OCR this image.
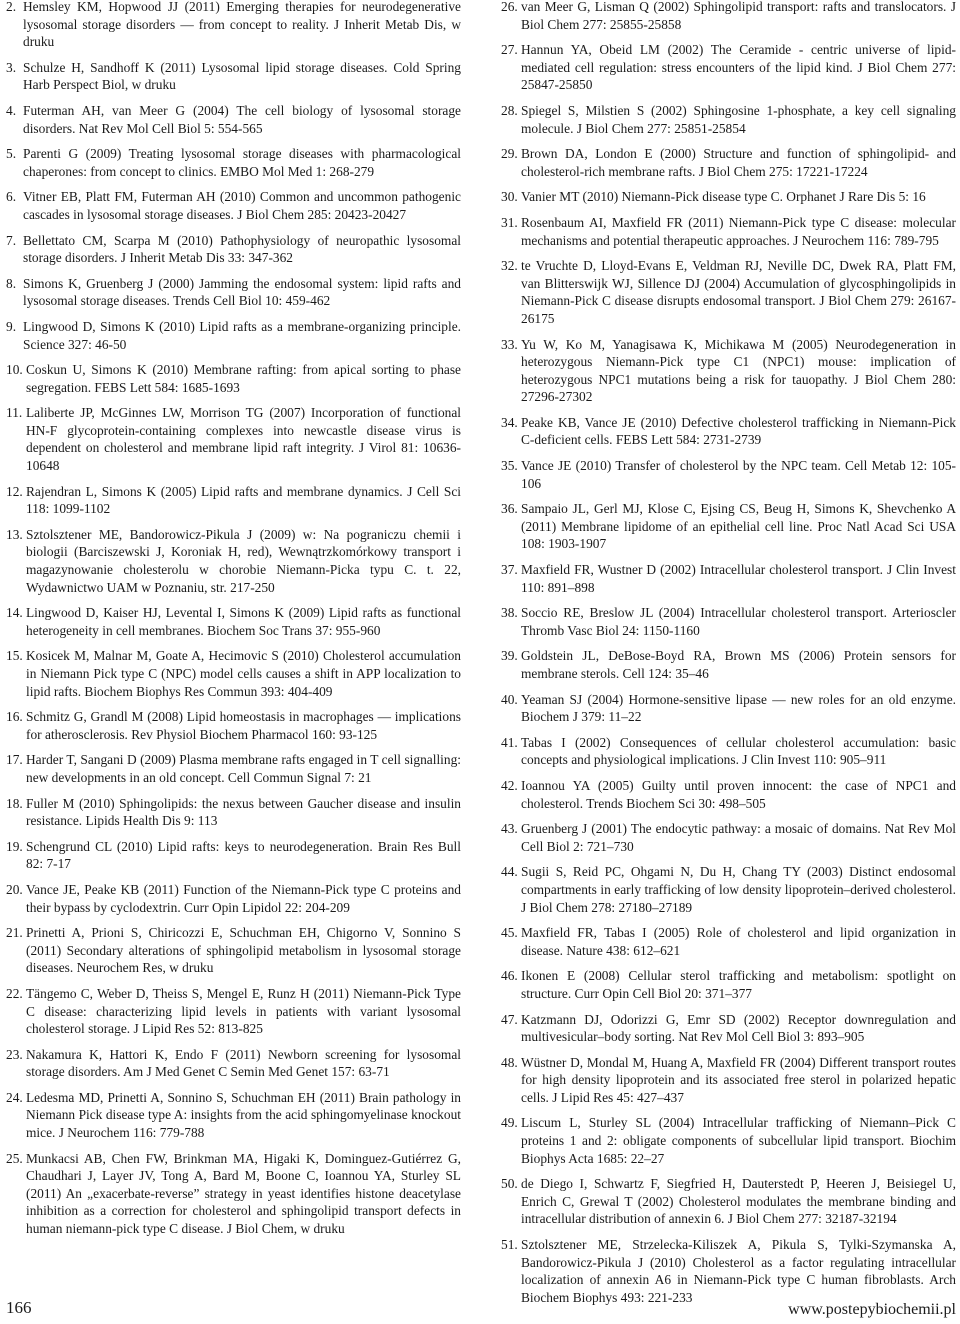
2. Hemsley KM, Hopwood JJ (2011) Emerging therapies for neurodegenerative lysosomal storage disorders — from concept to reality. J Inherit Metab Dis, w druku
3. Schulze H, Sandhoff K (2011) Lysosomal lipid storage diseases. Cold Spring Harb Perspect Biol, w druku
4. Futerman AH, van Meer G (2004) The cell biology of lysosomal storage disorders. Nat Rev Mol Cell Biol 5: 554-565
5. Parenti G (2009) Treating lysosomal storage diseases with pharmacological chaperones: from concept to clinics. EMBO Mol Med 1: 268-279
6. Vitner EB, Platt FM, Futerman AH (2010) Common and uncommon pathogenic cascades in lysosomal storage diseases. J Biol Chem 285: 20423-20427
7. Bellettato CM, Scarpa M (2010) Pathophysiology of neuropathic lysosomal storage disorders. J Inherit Metab Dis 33: 347-362
8. Simons K, Gruenberg J (2000) Jamming the endosomal system: lipid rafts and lysosomal storage diseases. Trends Cell Biol 10: 459-462
9. Lingwood D, Simons K (2010) Lipid rafts as a membrane-organizing principle. Science 327: 46-50
10. Coskun U, Simons K (2010) Membrane rafting: from apical sorting to phase segregation. FEBS Lett 584: 1685-1693
11. Laliberte JP, McGinnes LW, Morrison TG (2007) Incorporation of functional HN-F glycoprotein-containing complexes into newcastle disease virus is dependent on cholesterol and membrane lipid raft integrity. J Virol 81: 10636-10648
12. Rajendran L, Simons K (2005) Lipid rafts and membrane dynamics. J Cell Sci 118: 1099-1102
13. Sztolsztener ME, Bandorowicz-Pikula J (2009) w: Na pograniczu chemii i biologii (Barciszewski J, Koroniak H, red), Wewnątrzkomórkowy transport i magazynowanie cholesterolu w chorobie Niemann-Picka typu C. t. 22, Wydawnictwo UAM w Poznaniu, str. 217-250
14. Lingwood D, Kaiser HJ, Levental I, Simons K (2009) Lipid rafts as functional heterogeneity in cell membranes. Biochem Soc Trans 37: 955-960
15. Kosicek M, Malnar M, Goate A, Hecimovic S (2010) Cholesterol accumulation in Niemann Pick type C (NPC) model cells causes a shift in APP localization to lipid rafts. Biochem Biophys Res Commun 393: 404-409
16. Schmitz G, Grandl M (2008) Lipid homeostasis in macrophages — implications for atherosclerosis. Rev Physiol Biochem Pharmacol 160: 93-125
17. Harder T, Sangani D (2009) Plasma membrane rafts engaged in T cell signalling: new developments in an old concept. Cell Commun Signal 7: 21
18. Fuller M (2010) Sphingolipids: the nexus between Gaucher disease and insulin resistance. Lipids Health Dis 9: 113
19. Schengrund CL (2010) Lipid rafts: keys to neurodegeneration. Brain Res Bull 82: 7-17
20. Vance JE, Peake KB (2011) Function of the Niemann-Pick type C proteins and their bypass by cyclodextrin. Curr Opin Lipidol 22: 204-209
21. Prinetti A, Prioni S, Chiricozzi E, Schuchman EH, Chigorno V, Sonnino S (2011) Secondary alterations of sphingolipid metabolism in lysosomal storage diseases. Neurochem Res, w druku
22. Tängemo C, Weber D, Theiss S, Mengel E, Runz H (2011) Niemann-Pick Type C disease: characterizing lipid levels in patients with variant lysosomal cholesterol storage. J Lipid Res 52: 813-825
23. Nakamura K, Hattori K, Endo F (2011) Newborn screening for lysosomal storage disorders. Am J Med Genet C Semin Med Genet 157: 63-71
24. Ledesma MD, Prinetti A, Sonnino S, Schuchman EH (2011) Brain pathology in Niemann Pick disease type A: insights from the acid sphingomyelinase knockout mice. J Neurochem 116: 779-788
25. Munkacsi AB, Chen FW, Brinkman MA, Higaki K, Dominguez-Gutiérrez G, Chaudhari J, Layer JV, Tong A, Bard M, Boone C, Ioannou YA, Sturley SL (2011) An „exacerbate-reverse” strategy in yeast identifies histone deacetylase inhibition as a correction for cholesterol and sphingolipid transport defects in human niemann-pick type C disease. J Biol Chem, w druku
26. van Meer G, Lisman Q (2002) Sphingolipid transport: rafts and translocators. J Biol Chem 277: 25855-25858
27. Hannun YA, Obeid LM (2002) The Ceramide - centric universe of lipid-mediated cell regulation: stress encounters of the lipid kind. J Biol Chem 277: 25847-25850
28. Spiegel S, Milstien S (2002) Sphingosine 1-phosphate, a key cell signaling molecule. J Biol Chem 277: 25851-25854
29. Brown DA, London E (2000) Structure and function of sphingolipid- and cholesterol-rich membrane rafts. J Biol Chem 275: 17221-17224
30. Vanier MT (2010) Niemann-Pick disease type C. Orphanet J Rare Dis 5: 16
31. Rosenbaum AI, Maxfield FR (2011) Niemann-Pick type C disease: molecular mechanisms and potential therapeutic approaches. J Neurochem 116: 789-795
32. te Vruchte D, Lloyd-Evans E, Veldman RJ, Neville DC, Dwek RA, Platt FM, van Blitterswijk WJ, Sillence DJ (2004) Accumulation of glycosphingolipids in Niemann-Pick C disease disrupts endosomal transport. J Biol Chem 279: 26167-26175
33. Yu W, Ko M, Yanagisawa K, Michikawa M (2005) Neurodegeneration in heterozygous Niemann-Pick type C1 (NPC1) mouse: implication of heterozygous NPC1 mutations being a risk for tauopathy. J Biol Chem 280: 27296-27302
34. Peake KB, Vance JE (2010) Defective cholesterol trafficking in Niemann-Pick C-deficient cells. FEBS Lett 584: 2731-2739
35. Vance JE (2010) Transfer of cholesterol by the NPC team. Cell Metab 12: 105-106
36. Sampaio JL, Gerl MJ, Klose C, Ejsing CS, Beug H, Simons K, Shevchenko A (2011) Membrane lipidome of an epithelial cell line. Proc Natl Acad Sci USA 108: 1903-1907
37. Maxfield FR, Wustner D (2002) Intracellular cholesterol transport. J Clin Invest 110: 891–898
38. Soccio RE, Breslow JL (2004) Intracellular cholesterol transport. Arterioscler Thromb Vasc Biol 24: 1150-1160
39. Goldstein JL, DeBose-Boyd RA, Brown MS (2006) Protein sensors for membrane sterols. Cell 124: 35–46
40. Yeaman SJ (2004) Hormone-sensitive lipase — new roles for an old enzyme. Biochem J 379: 11–22
41. Tabas I (2002) Consequences of cellular cholesterol accumulation: basic concepts and physiological implications. J Clin Invest 110: 905–911
42. Ioannou YA (2005) Guilty until proven innocent: the case of NPC1 and cholesterol. Trends Biochem Sci 30: 498–505
43. Gruenberg J (2001) The endocytic pathway: a mosaic of domains. Nat Rev Mol Cell Biol 2: 721–730
44. Sugii S, Reid PC, Ohgami N, Du H, Chang TY (2003) Distinct endosomal compartments in early trafficking of low density lipoprotein–derived cholesterol. J Biol Chem 278: 27180–27189
45. Maxfield FR, Tabas I (2005) Role of cholesterol and lipid organization in disease. Nature 438: 612–621
46. Ikonen E (2008) Cellular sterol trafficking and metabolism: spotlight on structure. Curr Opin Cell Biol 20: 371–377
47. Katzmann DJ, Odorizzi G, Emr SD (2002) Receptor downregulation and multivesicular–body sorting. Nat Rev Mol Cell Biol 3: 893–905
48. Wüstner D, Mondal M, Huang A, Maxfield FR (2004) Different transport routes for high density lipoprotein and its associated free sterol in polarized hepatic cells. J Lipid Res 45: 427–437
49. Liscum L, Sturley SL (2004) Intracellular trafficking of Niemann–Pick C proteins 1 and 2: obligate components of subcellular lipid transport. Biochim Biophys Acta 1685: 22–27
50. de Diego I, Schwartz F, Siegfried H, Dauterstedt P, Heeren J, Beisiegel U, Enrich C, Grewal T (2002) Cholesterol modulates the membrane binding and intracellular distribution of annexin 6. J Biol Chem 277: 32187-32194
51. Sztolsztener ME, Strzelecka-Kiliszek A, Pikula S, Tylki-Szymanska A, Bandorowicz-Pikula J (2010) Cholesterol as a factor regulating intracellular localization of annexin A6 in Niemann-Pick type C human fibroblasts. Arch Biochem Biophys 493: 221-233
166	www.postepybiochemii.pl
